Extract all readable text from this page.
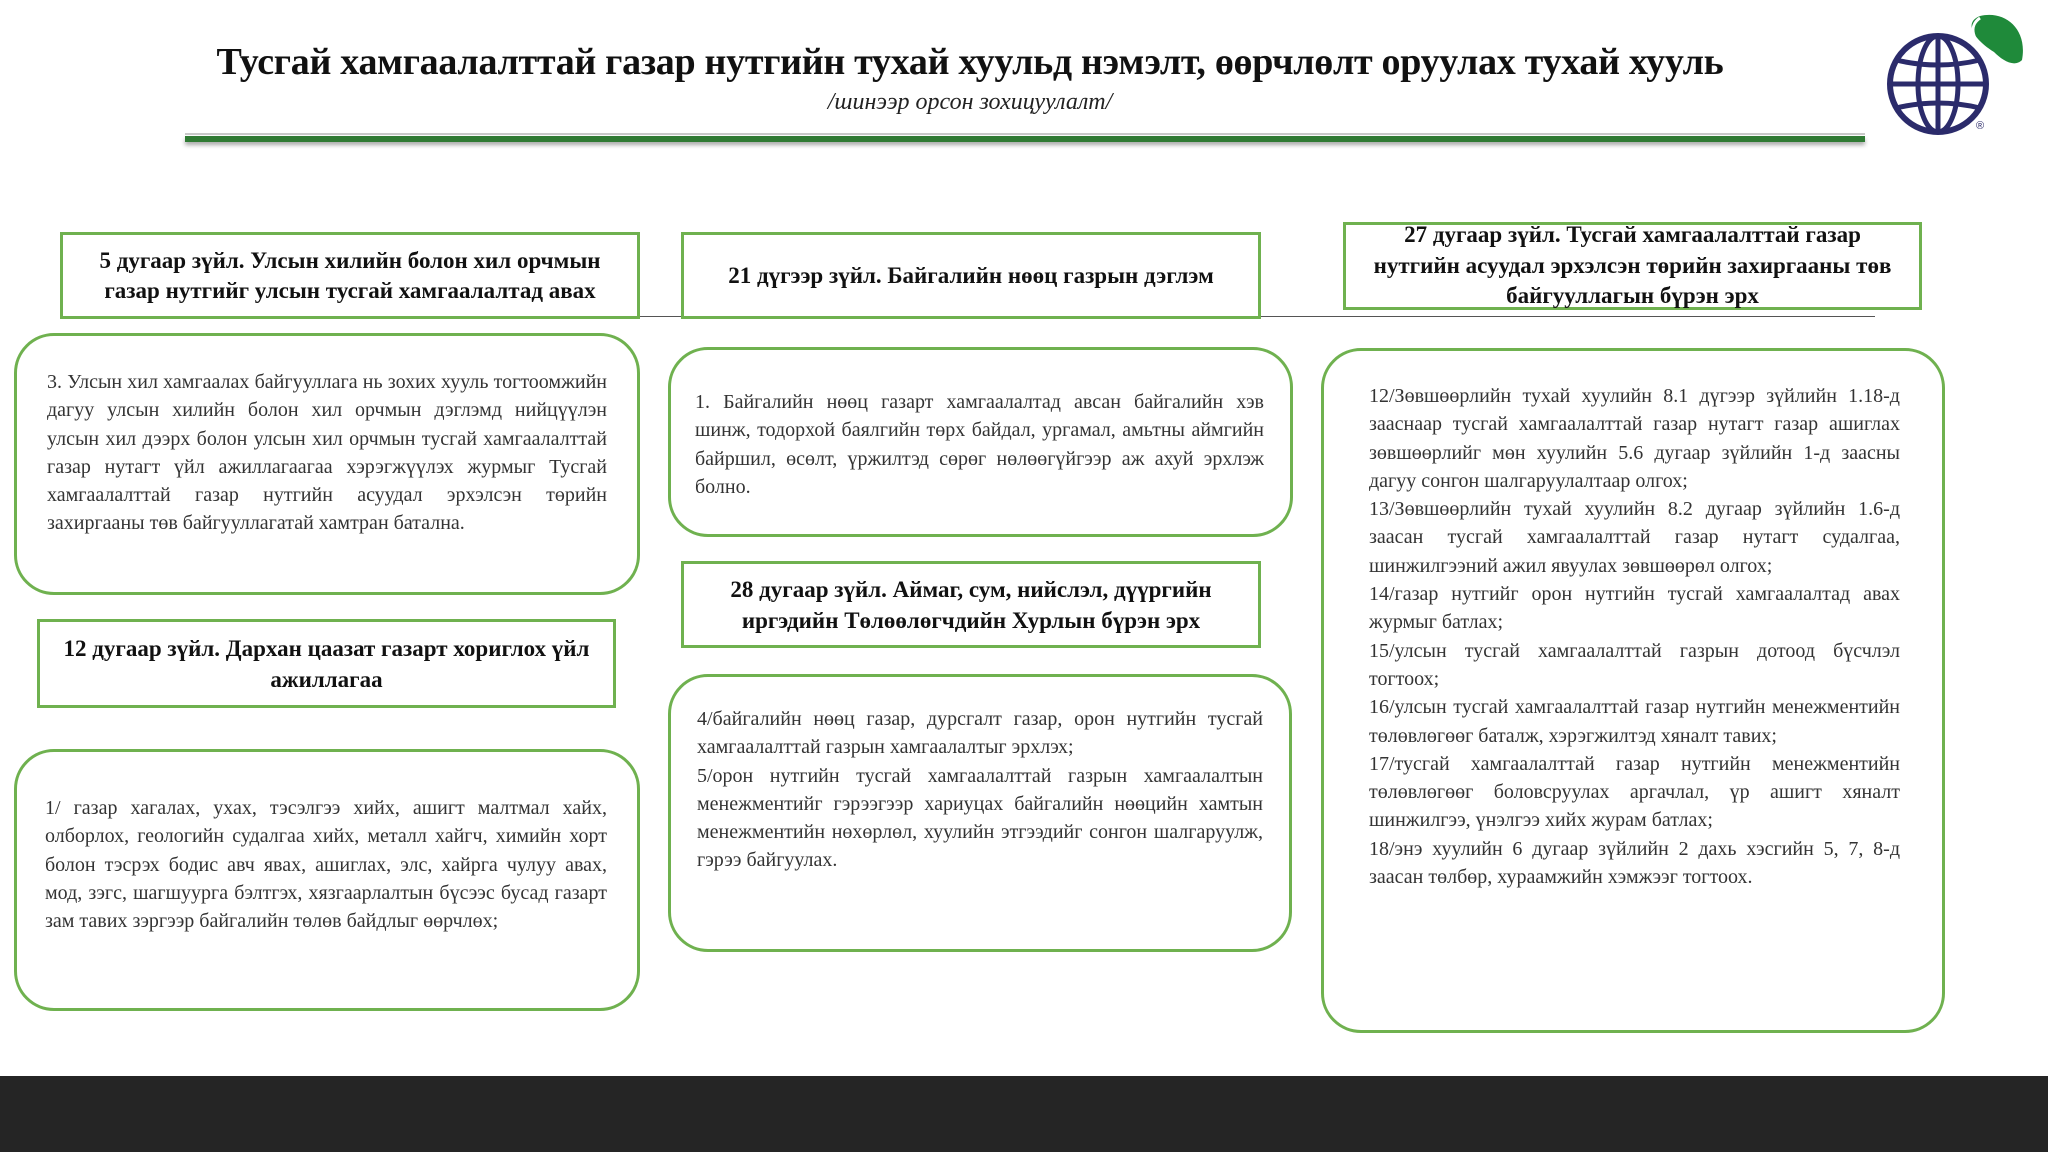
Тусгай хамгаалалттай газар нутгийн тухай хуульд нэмэлт, өөрчлөлт оруулах тухай хууль
/шинээр орсон зохицуулалт/
®
5 дугаар зүйл. Улсын хилийн болон хил орчмын газар нутгийг улсын тусгай хамгаалалтад авах

3. Улсын хил хамгаалах байгууллага нь зохих хууль тогтоомжийн дагуу улсын хилийн болон хил орчмын дэглэмд нийцүүлэн улсын хил дээрх болон улсын хил орчмын тусгай хамгаалалттай газар нутагт үйл ажиллагаагаа хэрэгжүүлэх журмыг Тусгай хамгаалалттай газар нутгийн асуудал эрхэлсэн төрийн захиргааны төв байгууллагатай хамтран батална.

12 дугаар зүйл. Дархан цаазат газарт хориглох үйл ажиллагаа

1/ газар хагалах, ухах, тэсэлгээ хийх, ашигт малтмал хайх, олборлох, геологийн судалгаа хийх, металл хайгч, химийн хорт болон тэсрэх бодис авч явах, ашиглах, элс, хайрга чулуу авах, мод, зэгс, шагшуурга бэлтгэх, хязгаарлалтын бүсээс бусад газарт зам тавих зэргээр байгалийн төлөв байдлыг өөрчлөх;

21 дүгээр зүйл. Байгалийн нөөц газрын дэглэм

1. Байгалийн нөөц газарт хамгаалалтад авсан байгалийн хэв шинж, тодорхой баялгийн төрх байдал, ургамал, амьтны аймгийн байршил, өсөлт, үржилтэд сөрөг нөлөөгүйгээр аж ахуй эрхлэж болно.

28 дугаар зүйл. Аймаг, сум, нийслэл, дүүргийн иргэдийн Төлөөлөгчдийн Хурлын бүрэн эрх

4/байгалийн нөөц газар, дурсгалт газар, орон нутгийн тусгай хамгаалалттай газрын хамгаалалтыг эрхлэх;

5/орон нутгийн тусгай хамгаалалттай газрын хамгаалалтын менежментийг гэрээгээр хариуцах байгалийн нөөцийн хамтын менежментийн нөхөрлөл, хуулийн этгээдийг сонгон шалгаруулж, гэрээ байгуулах.

27 дугаар зүйл. Тусгай хамгаалалттай газар нутгийн асуудал эрхэлсэн төрийн захиргааны төв байгууллагын бүрэн эрх

12/Зөвшөөрлийн тухай хуулийн 8.1 дүгээр зүйлийн 1.18-д зааснаар тусгай хамгаалалттай газар нутагт газар ашиглах зөвшөөрлийг мөн хуулийн 5.6 дугаар зүйлийн 1-д заасны дагуу сонгон шалгаруулалтаар олгох;

13/Зөвшөөрлийн тухай хуулийн 8.2 дугаар зүйлийн 1.6-д заасан тусгай хамгаалалттай газар нутагт судалгаа, шинжилгээний ажил явуулах зөвшөөрөл олгох;

14/газар нутгийг орон нутгийн тусгай хамгаалалтад авах журмыг батлах;

15/улсын тусгай хамгаалалттай газрын дотоод бүсчлэл тогтоох;

16/улсын тусгай хамгаалалттай газар нутгийн менежментийн төлөвлөгөөг баталж, хэрэгжилтэд хяналт тавих;

17/тусгай хамгаалалттай газар нутгийн менежментийн төлөвлөгөөг боловсруулах аргачлал, үр ашигт хяналт шинжилгээ, үнэлгээ хийх журам батлах;

18/энэ хуулийн 6 дугаар зүйлийн 2 дахь хэсгийн 5, 7, 8-д заасан төлбөр, хураамжийн хэмжээг тогтоох.
